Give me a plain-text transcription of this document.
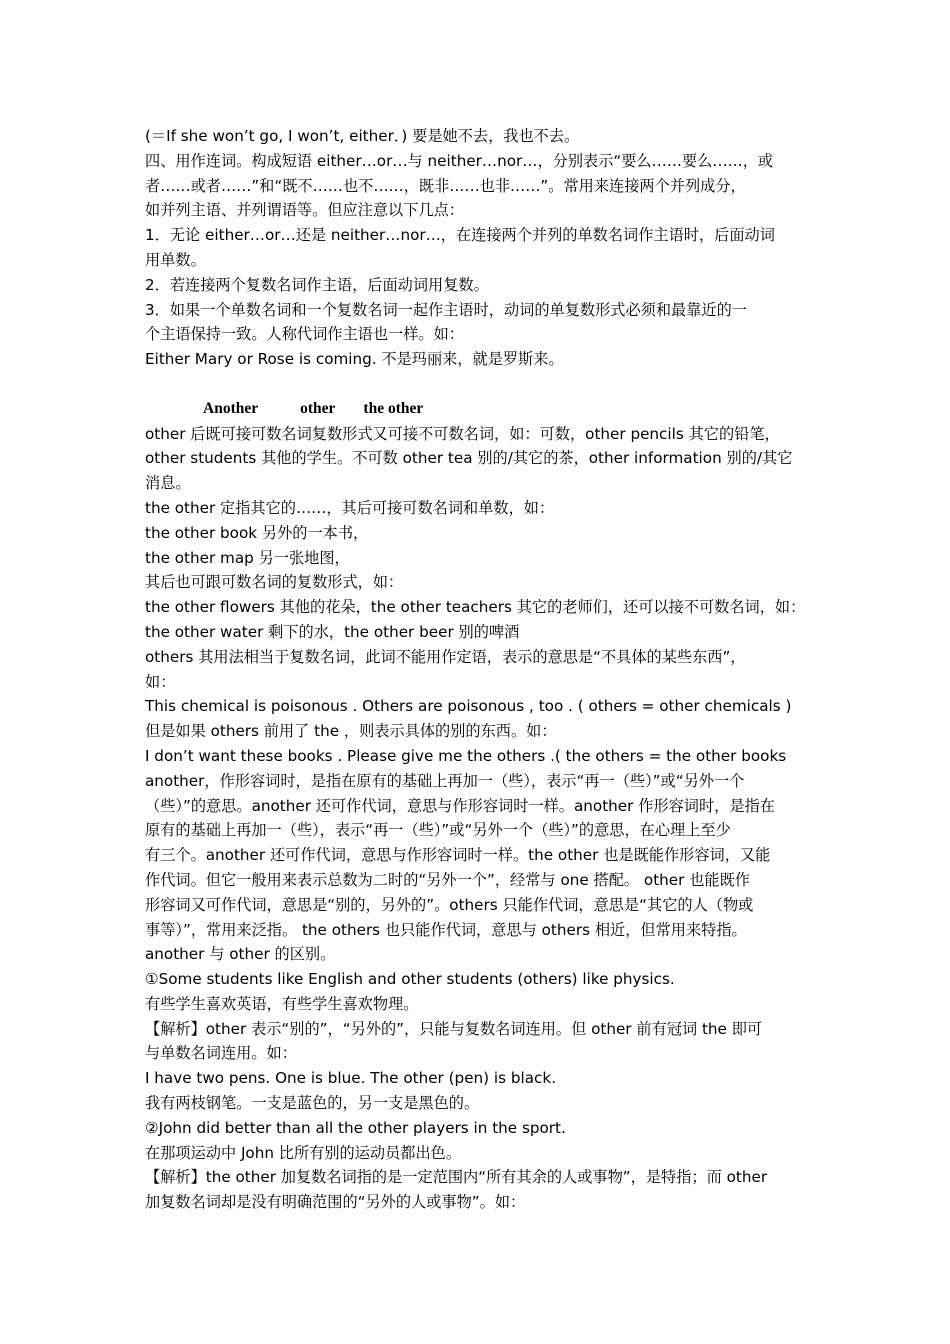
(＝If she won’t go, I won’t, either．) 要是她不去，我也不去。
四、用作连词。构成短语 either…or…与 neither…nor…，分别表示“要么……要么……，或
者……或者……”和“既不……也不……，既非……也非……”。常用来连接两个并列成分，
如并列主语、并列谓语等。但应注意以下几点：
1．无论 either…or…还是 neither…nor…，在连接两个并列的单数名词作主语时，后面动词
用单数。
2．若连接两个复数名词作主语，后面动词用复数。
3．如果一个单数名词和一个复数名词一起作主语时，动词的单复数形式必须和最靠近的一
个主语保持一致。人称代词作主语也一样。如：
Either Mary or Rose is coming. 不是玛丽来，就是罗斯来。
Another	other the other
other 后既可接可数名词复数形式又可接不可数名词，如：可数，other pencils 其它的铅笔，
other students 其他的学生。不可数 other tea 别的/其它的茶，other information 别的/其它
消息。
the other 定指其它的……，其后可接可数名词和单数，如：
the other book 另外的一本书，
the other map 另一张地图，
其后也可跟可数名词的复数形式，如：
the other flowers 其他的花朵，the other teachers 其它的老师们，还可以接不可数名词，如：
the other water 剩下的水，the other beer 别的啤酒
others 其用法相当于复数名词，此词不能用作定语，表示的意思是“不具体的某些东西”，
如：
This chemical is poisonous . Others are poisonous , too . ( others = other chemicals )
但是如果 others 前用了 the ，则表示具体的别的东西。如：
I don’t want these books . Please give me the others .( the others = the other books
another，作形容词时，是指在原有的基础上再加一（些），表示“再一（些）”或“另外一个
（些）”的意思。another 还可作代词，意思与作形容词时一样。another 作形容词时，是指在
原有的基础上再加一（些），表示“再一（些）”或“另外一个（些）”的意思，在心理上至少
有三个。another 还可作代词，意思与作形容词时一样。the other 也是既能作形容词，又能
作代词。但它一般用来表示总数为二时的“另外一个”，经常与 one 搭配。 other 也能既作
形容词又可作代词，意思是“别的，另外的”。others 只能作代词，意思是“其它的人（物或
事等）”，常用来泛指。 the others 也只能作代词，意思与 others 相近，但常用来特指。
another 与 other 的区别。
①Some students like English and other students (others) like physics.
有些学生喜欢英语，有些学生喜欢物理。
【解析】other 表示“别的”，“另外的”，只能与复数名词连用。但 other 前有冠词 the 即可
与单数名词连用。如：
I have two pens. One is blue. The other (pen) is black.
我有两枝钢笔。一支是蓝色的，另一支是黑色的。
②John did better than all the other players in the sport.
在那项运动中 John 比所有别的运动员都出色。
【解析】the other 加复数名词指的是一定范围内“所有其余的人或事物”，是特指；而 other
加复数名词却是没有明确范围的“另外的人或事物”。如：
